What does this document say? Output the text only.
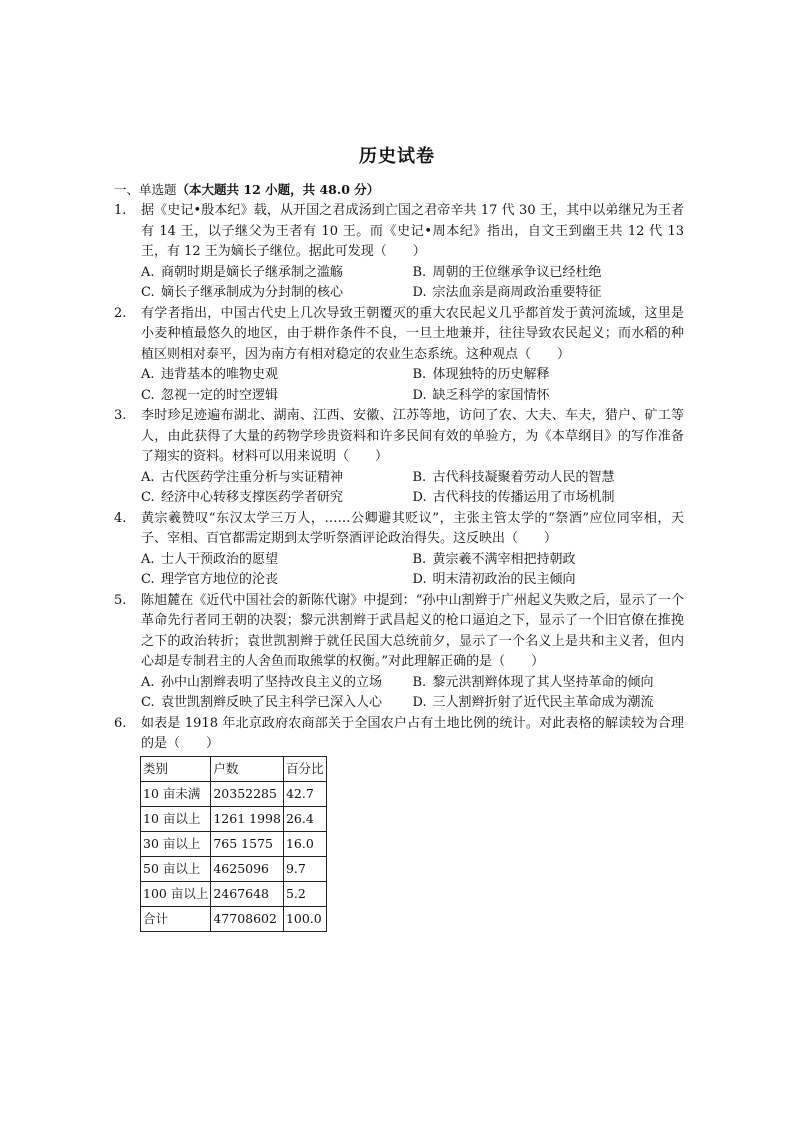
历史试卷
一、单选题（本大题共 12 小题，共 48.0 分）
1. 据《史记•殷本纪》载，从开国之君成汤到亡国之君帝辛共 17 代 30 王，其中以弟继兄为王者有 14 王，以子继父为王者有 10 王。而《史记•周本纪》指出，自文王到幽王共 12 代 13 王，有 12 王为嫡长子继位。据此可发现（　　）
A. 商朝时期是嫡长子继承制之滥觞	B. 周朝的王位继承争议已经杜绝
C. 嫡长子继承制成为分封制的核心	D. 宗法血亲是商周政治重要特征
2. 有学者指出，中国古代史上几次导致王朝覆灭的重大农民起义几乎都首发于黄河流域，这里是小麦种植最悠久的地区，由于耕作条件不良，一旦土地兼并，往往导致农民起义；而水稻的种植区则相对泰平，因为南方有相对稳定的农业生态系统。这种观点（　　）
A. 违背基本的唯物史观	B. 体现独特的历史解释
C. 忽视一定的时空逻辑	D. 缺乏科学的家国情怀
3. 李时珍足迹遍布湖北、湖南、江西、安徽、江苏等地，访问了农、大夫、车夫，猎户、矿工等人，由此获得了大量的药物学珍贵资料和许多民间有效的单验方，为《本草纲目》的写作准备了翔实的资料。材料可以用来说明（　　）
A. 古代医药学注重分析与实证精神	B. 古代科技凝聚着劳动人民的智慧
C. 经济中心转移支撑医药学者研究	D. 古代科技的传播运用了市场机制
4. 黄宗羲赞叹“东汉太学三万人，……公卿避其贬议”，主张主管太学的“祭酒”应位同宰相，天子、宰相、百官都需定期到太学听祭酒评论政治得失。这反映出（　　）
A. 士人干预政治的愿望	B. 黄宗羲不满宰相把持朝政
C. 理学官方地位的沦丧	D. 明末清初政治的民主倾向
5. 陈旭麓在《近代中国社会的新陈代谢》中提到：“孙中山割辫于广州起义失败之后，显示了一个革命先行者同王朝的决裂；黎元洪割辫于武昌起义的枪口逼迫之下，显示了一个旧官僚在推挽之下的政治转折；袁世凯割辫于就任民国大总统前夕，显示了一个名义上是共和主义者，但内心却是专制君主的人舍鱼而取熊掌的权衡。”对此理解正确的是（　　）
A. 孙中山割辫表明了坚持改良主义的立场	B. 黎元洪割辫体现了其人坚持革命的倾向
C. 袁世凯割辫反映了民主科学已深入人心	D. 三人割辫折射了近代民主革命成为潮流
6. 如表是 1918 年北京政府农商部关于全国农户占有土地比例的统计。对此表格的解读较为合理的是（　　）
类别	户数	百分比
10 亩未满	20352285	42.7
10 亩以上	1261 1998	26.4
30 亩以上	765 1575	16.0
50 亩以上	4625096	9.7
100 亩以上	2467648	5.2
合计	47708602	100.0
